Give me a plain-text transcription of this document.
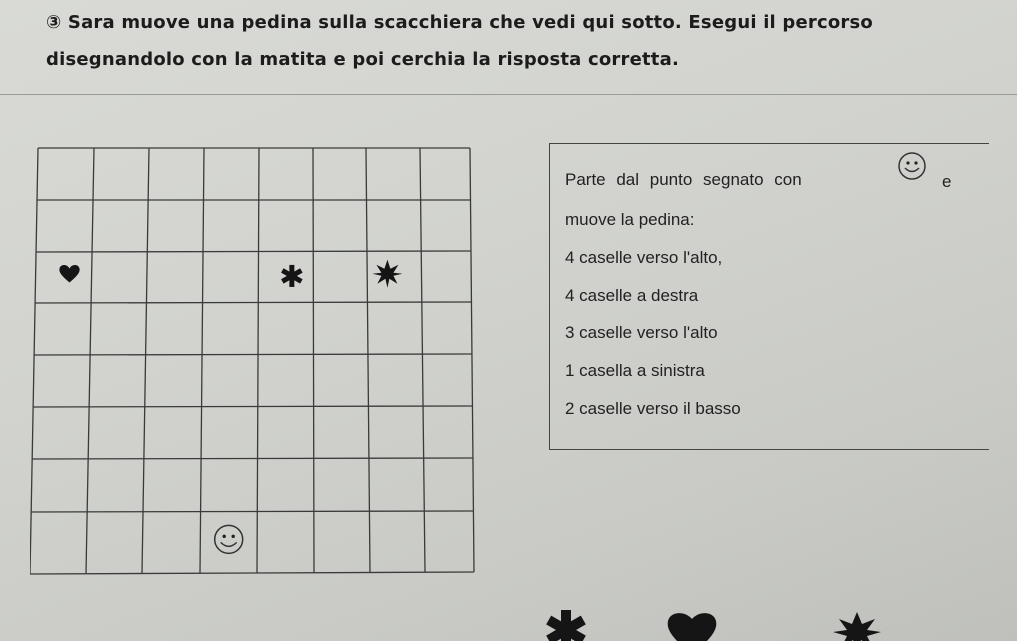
③ Sara muove una pedina sulla scacchiera che vedi qui sotto. Esegui il percorso
disegnandolo con la matita e poi cerchia la risposta corretta.
Parte dal punto segnato con	e
muove la pedina:
4 caselle verso l'alto,
4 caselle a destra
3 caselle verso l'alto
1 casella a sinistra
2 caselle verso il basso
